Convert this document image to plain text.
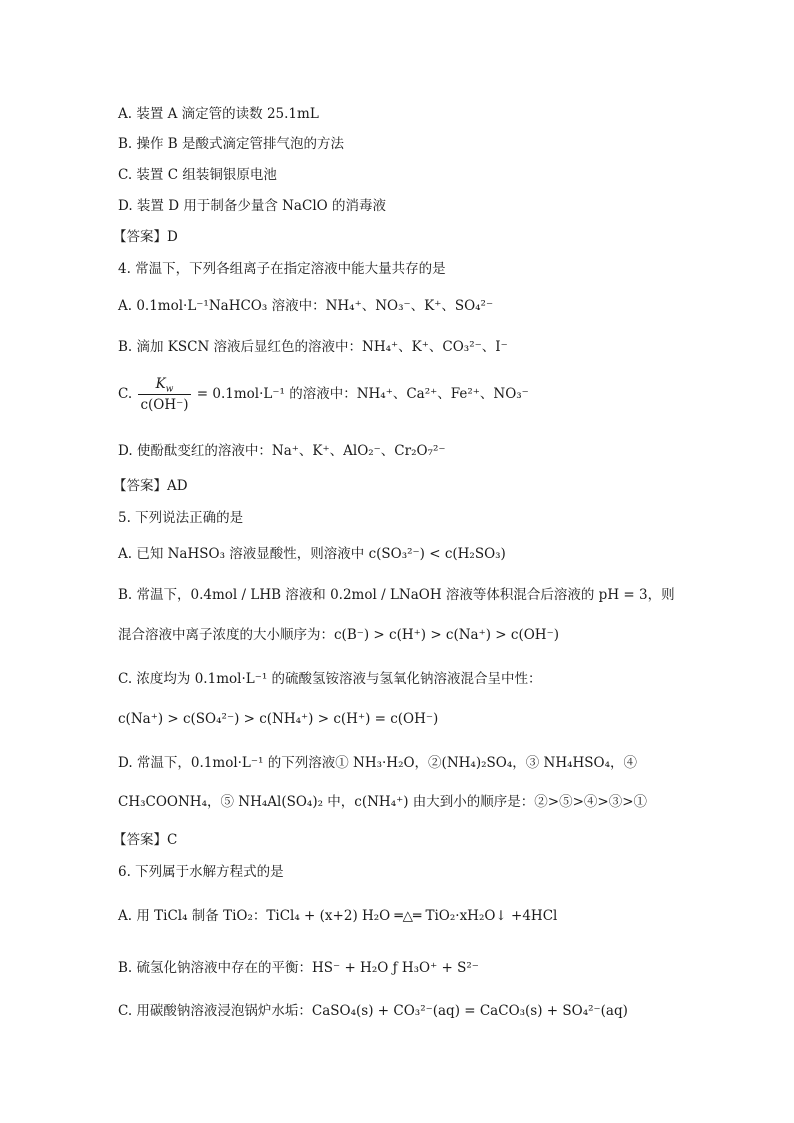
A. 装置 A 滴定管的读数 25.1mL
B. 操作 B 是酸式滴定管排气泡的方法
C. 装置 C 组装铜银原电池
D. 装置 D 用于制备少量含 NaClO 的消毒液
【答案】D
4. 常温下，下列各组离子在指定溶液中能大量共存的是
A. 0.1mol·L⁻¹NaHCO₃ 溶液中：NH₄⁺、NO₃⁻、K⁺、SO₄²⁻
B. 滴加 KSCN 溶液后显红色的溶液中：NH₄⁺、K⁺、CO₃²⁻、I⁻
C. $\frac{K_w}{c(OH^-)} = 0.1mol\cdot L^{-1}$ 的溶液中：NH₄⁺、Ca²⁺、Fe²⁺、NO₃⁻
D. 使酚酞变红的溶液中：Na⁺、K⁺、AlO₂⁻、Cr₂O₇²⁻
【答案】AD
5. 下列说法正确的是
A. 已知 NaHSO₃ 溶液显酸性，则溶液中 c(SO₃²⁻) < c(H₂SO₃)
B. 常温下，0.4mol / LHB 溶液和 0.2mol / LNaOH 溶液等体积混合后溶液的 pH = 3，则
混合溶液中离子浓度的大小顺序为：c(B⁻) > c(H⁺) > c(Na⁺) > c(OH⁻)
C. 浓度均为 0.1mol·L⁻¹ 的硫酸氢铵溶液与氢氧化钠溶液混合呈中性：
c(Na⁺) > c(SO₄²⁻) > c(NH₄⁺) > c(H⁺) = c(OH⁻)
D. 常温下，0.1mol·L⁻¹ 的下列溶液① NH₃·H₂O，②(NH₄)₂SO₄，③ NH₄HSO₄，④
CH₃COONH₄，⑤ NH₄Al(SO₄)₂ 中，c(NH₄⁺) 由大到小的顺序是：②>⑤>④>③>①
【答案】C
6. 下列属于水解方程式的是
A. 用 TiCl₄ 制备 TiO₂：TiCl₄ + (x+2) H₂O ═△═ TiO₂·xH₂O↓ +4HCl
B. 硫氢化钠溶液中存在的平衡：HS⁻ + H₂O ƒ H₃O⁺ + S²⁻
C. 用碳酸钠溶液浸泡锅炉水垢：CaSO₄(s) + CO₃²⁻(aq) = CaCO₃(s) + SO₄²⁻(aq)
